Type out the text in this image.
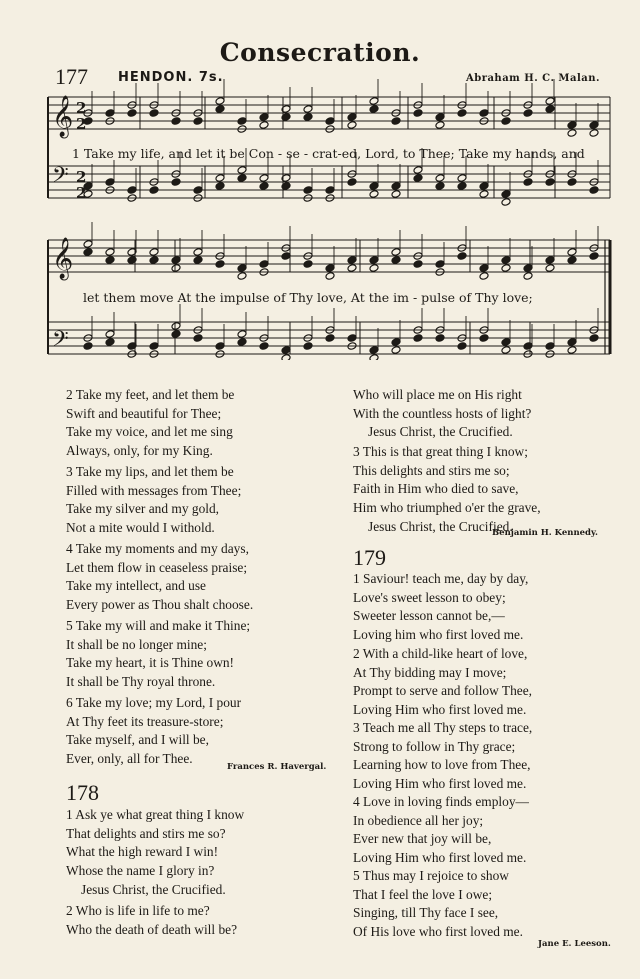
Consecration.
177 HENDON. 7s.	Abraham H. C. Malan.
𝄞
𝄞
𝄢
𝄢
2
2
2
2
1 Take my life, and let it be Con - se - crat-ed, Lord, to Thee; Take my hands, and
let them move At the impulse of Thy love, At the im - pulse of Thy love;
2 Take my feet, and let them be
Swift and beautiful for Thee;
Take my voice, and let me sing
Always, only, for my King.
3 Take my lips, and let them be
Filled with messages from Thee;
Take my silver and my gold,
Not a mite would I withold.
4 Take my moments and my days,
Let them flow in ceaseless praise;
Take my intellect, and use
Every power as Thou shalt choose.
5 Take my will and make it Thine;
It shall be no longer mine;
Take my heart, it is Thine own!
It shall be Thy royal throne.
6 Take my love; my Lord, I pour
At Thy feet its treasure-store;
Take myself, and I will be,
Ever, only, all for Thee.
Frances R. Havergal.
178
1 Ask ye what great thing I know
That delights and stirs me so?
What the high reward I win!
Whose the name I glory in?
Jesus Christ, the Crucified.
2 Who is life in life to me?
Who the death of death will be?
Who will place me on His right
With the countless hosts of light?
Jesus Christ, the Crucified.
3 This is that great thing I know;
This delights and stirs me so;
Faith in Him who died to save,
Him who triumphed o'er the grave,
Jesus Christ, the Crucified.
Benjamin H. Kennedy.
179
1 Saviour! teach me, day by day,
Love's sweet lesson to obey;
Sweeter lesson cannot be,—
Loving him who first loved me.
2 With a child-like heart of love,
At Thy bidding may I move;
Prompt to serve and follow Thee,
Loving Him who first loved me.
3 Teach me all Thy steps to trace,
Strong to follow in Thy grace;
Learning how to love from Thee,
Loving Him who first loved me.
4 Love in loving finds employ—
In obedience all her joy;
Ever new that joy will be,
Loving Him who first loved me.
5 Thus may I rejoice to show
That I feel the love I owe;
Singing, till Thy face I see,
Of His love who first loved me.
Jane E. Leeson.
